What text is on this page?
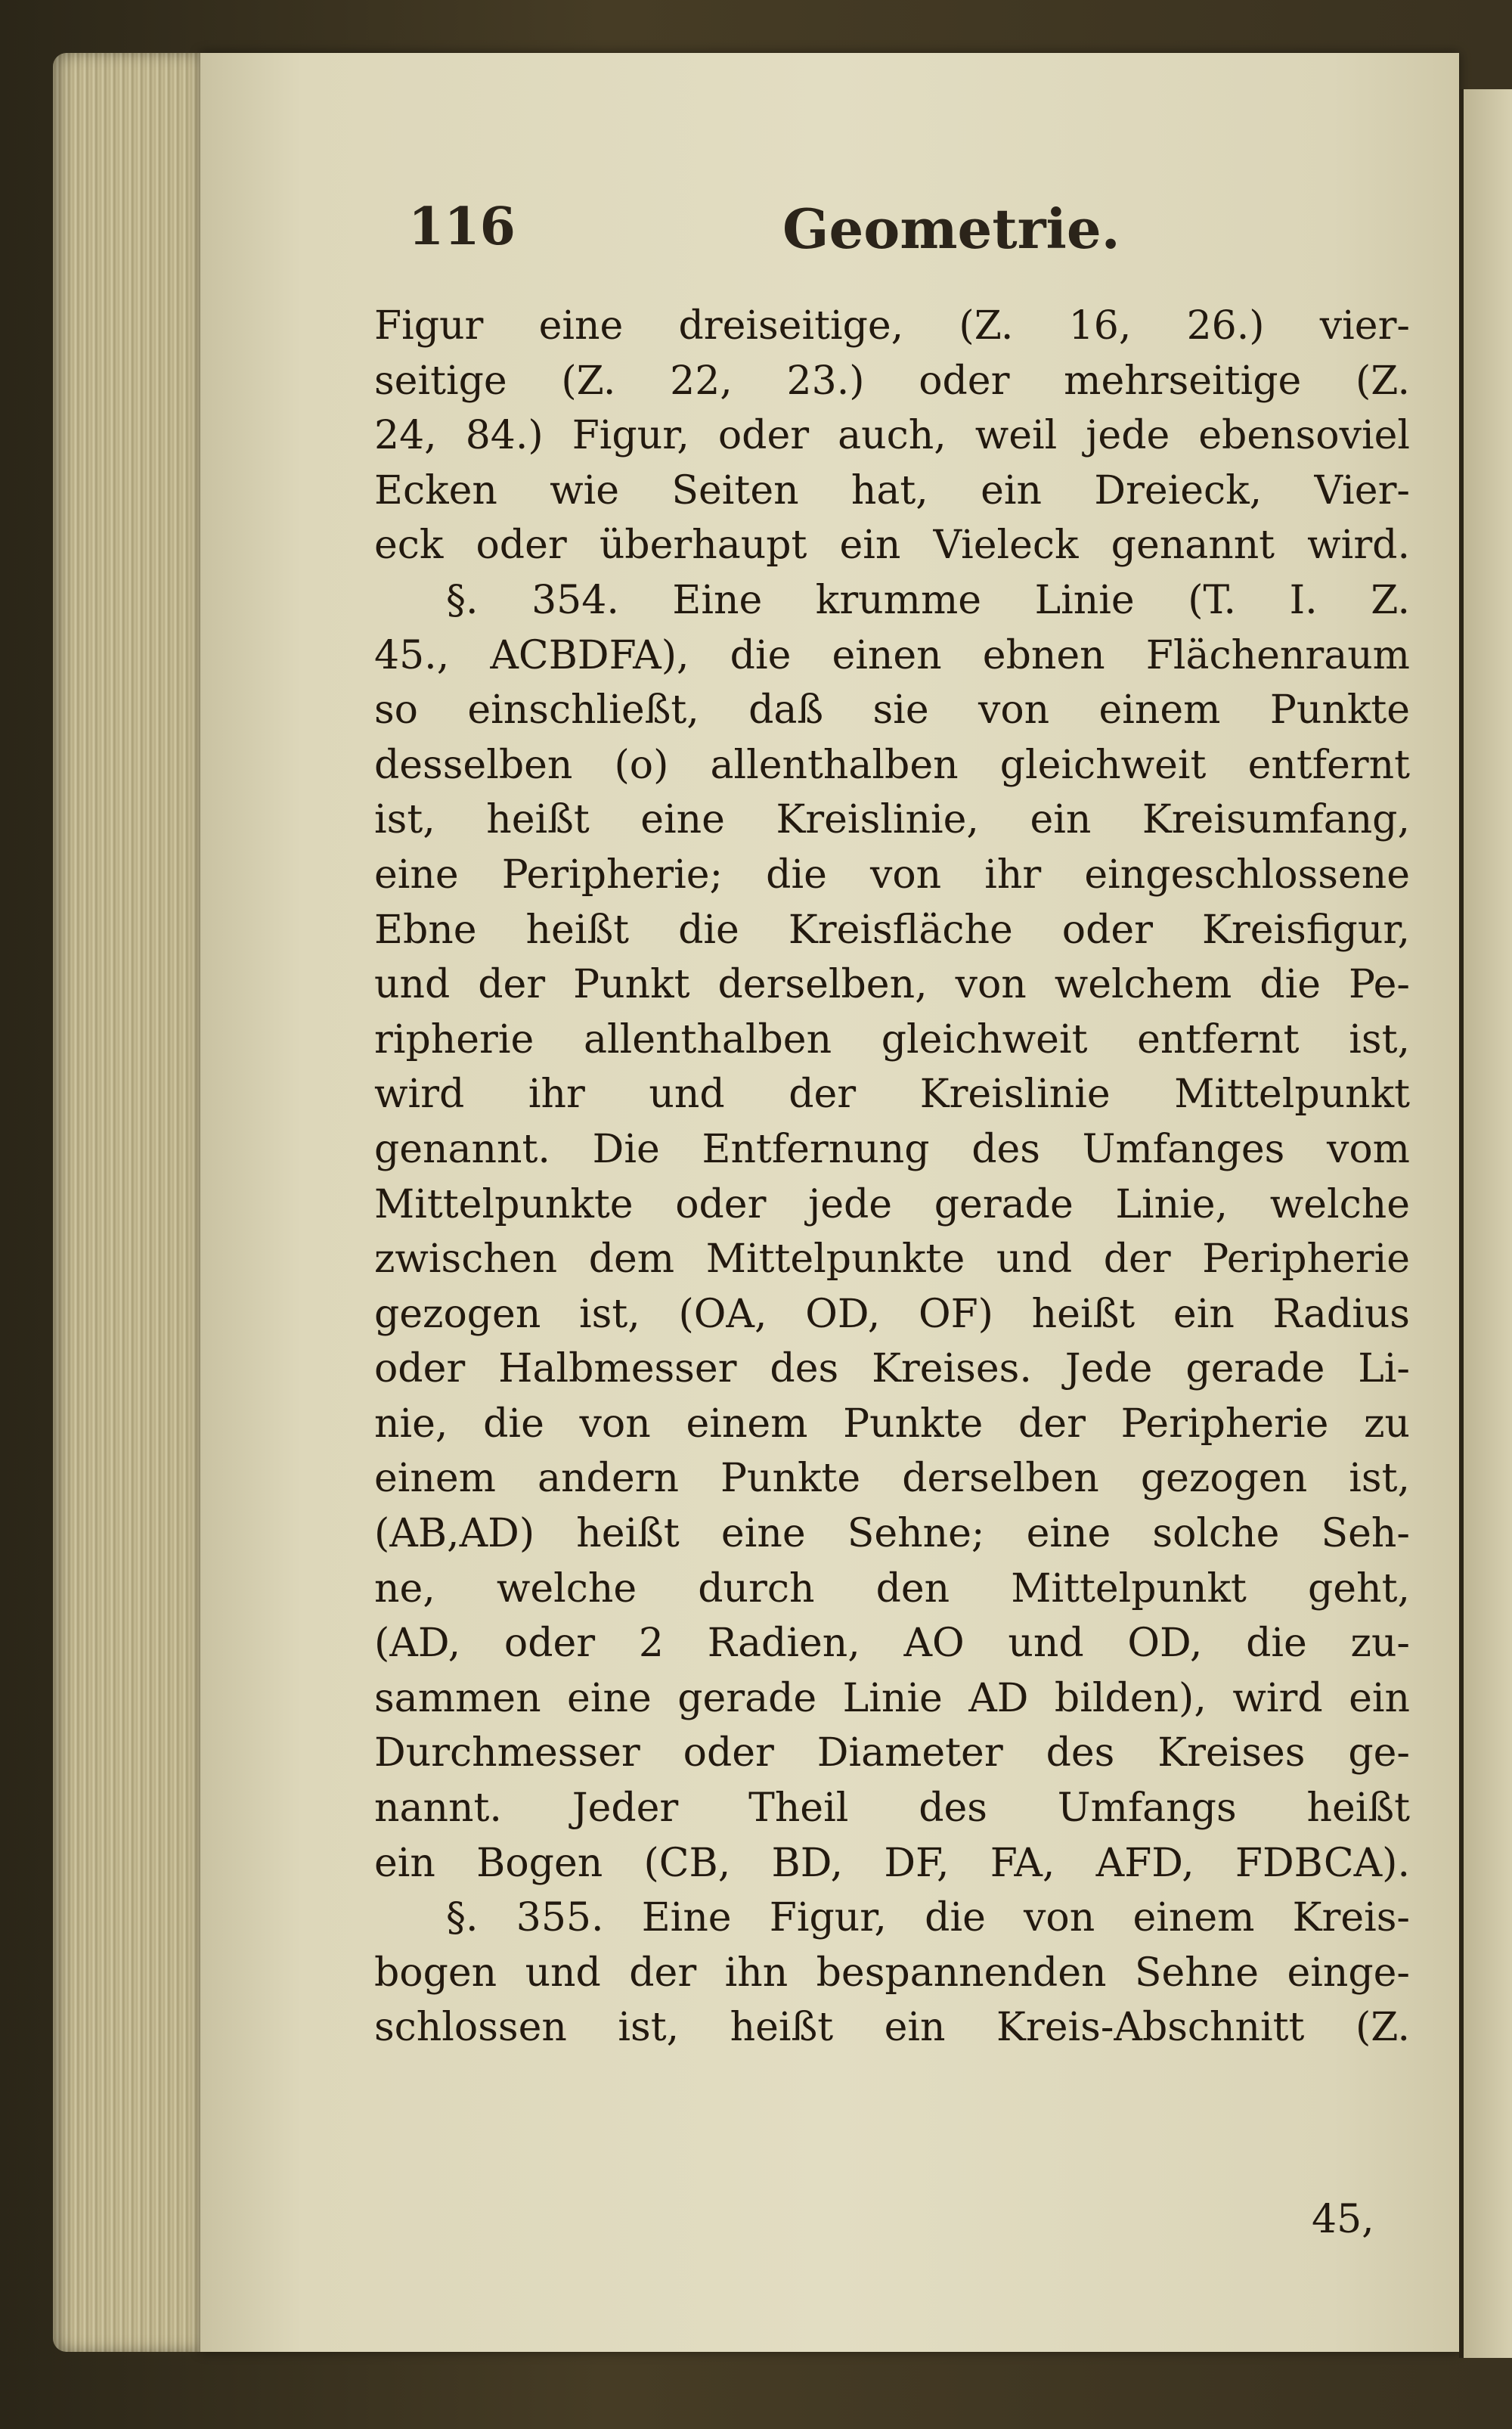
116	Geometrie.
Figur eine dreiseitige, (Z. 16, 26.) vier-
seitige (Z. 22, 23.) oder mehrseitige (Z.
24, 84.) Figur, oder auch, weil jede ebensoviel
Ecken wie Seiten hat, ein Dreieck, Vier-
eck oder überhaupt ein Vieleck genannt wird.
§. 354. Eine krumme Linie (T. I. Z.
45., ACBDFA), die einen ebnen Flächenraum
so einschließt, daß sie von einem Punkte
desselben (o) allenthalben gleichweit entfernt
ist, heißt eine Kreislinie, ein Kreisumfang,
eine Peripherie; die von ihr eingeschlossene
Ebne heißt die Kreisfläche oder Kreisfigur,
und der Punkt derselben, von welchem die Pe-
ripherie allenthalben gleichweit entfernt ist,
wird ihr und der Kreislinie Mittelpunkt
genannt. Die Entfernung des Umfanges vom
Mittelpunkte oder jede gerade Linie, welche
zwischen dem Mittelpunkte und der Peripherie
gezogen ist, (OA, OD, OF) heißt ein Radius
oder Halbmesser des Kreises. Jede gerade Li-
nie, die von einem Punkte der Peripherie zu
einem andern Punkte derselben gezogen ist,
(AB,AD) heißt eine Sehne; eine solche Seh-
ne, welche durch den Mittelpunkt geht,
(AD, oder 2 Radien, AO und OD, die zu-
sammen eine gerade Linie AD bilden), wird ein
Durchmesser oder Diameter des Kreises ge-
nannt. Jeder Theil des Umfangs heißt
ein Bogen (CB, BD, DF, FA, AFD, FDBCA).
§. 355. Eine Figur, die von einem Kreis-
bogen und der ihn bespannenden Sehne einge-
schlossen ist, heißt ein Kreis-Abschnitt (Z.
45,
